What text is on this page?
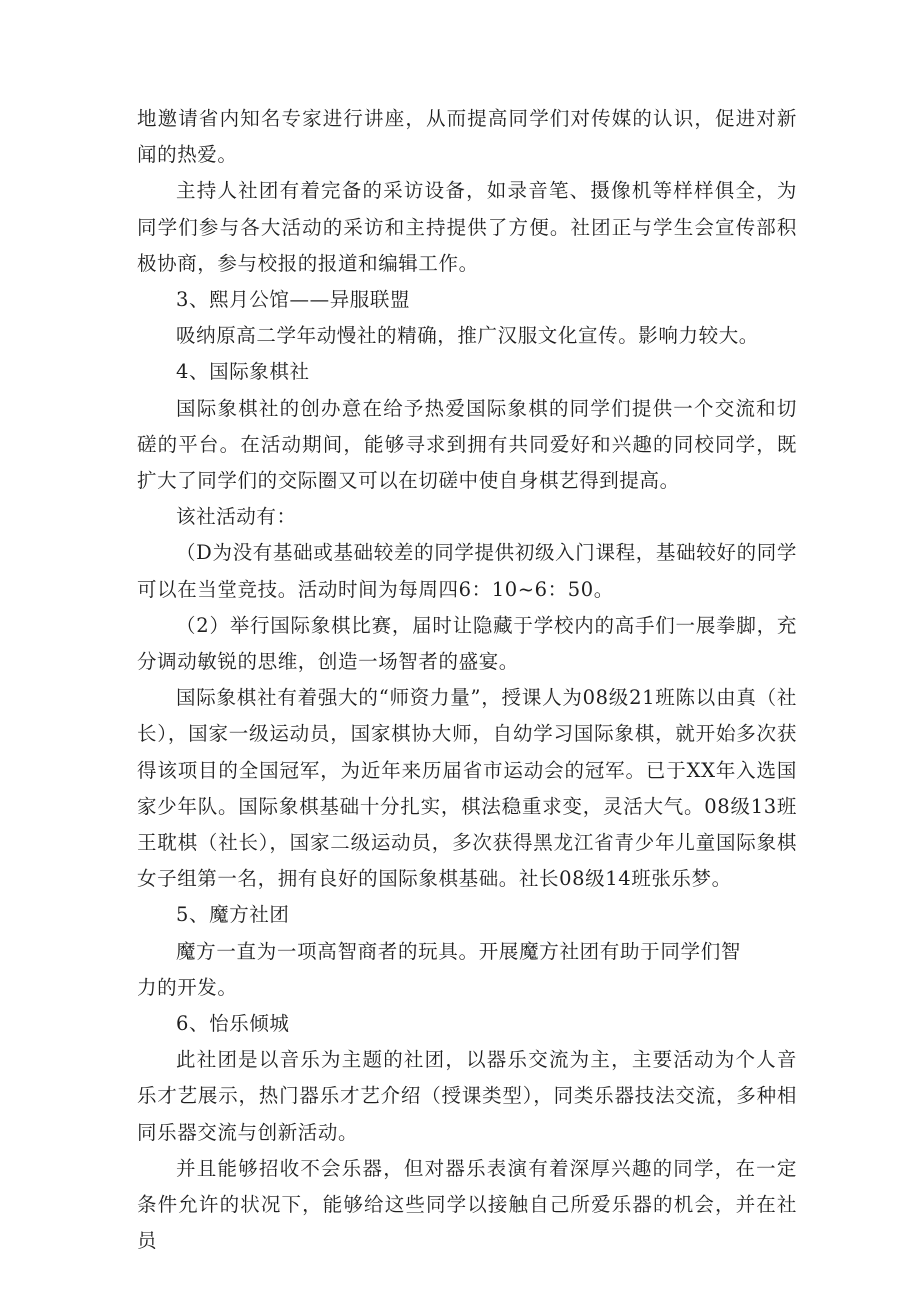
地邀请省内知名专家进行讲座，从而提高同学们对传媒的认识，促进对新闻的热爱。

主持人社团有着完备的采访设备，如录音笔、摄像机等样样俱全，为同学们参与各大活动的采访和主持提供了方便。社团正与学生会宣传部积极协商，参与校报的报道和编辑工作。

3、熙月公馆——异服联盟

吸纳原高二学年动慢社的精确，推广汉服文化宣传。影响力较大。

4、国际象棋社

国际象棋社的创办意在给予热爱国际象棋的同学们提供一个交流和切磋的平台。在活动期间，能够寻求到拥有共同爱好和兴趣的同校同学，既扩大了同学们的交际圈又可以在切磋中使自身棋艺得到提高。

该社活动有：

（D为没有基础或基础较差的同学提供初级入门课程，基础较好的同学可以在当堂竞技。活动时间为每周四6：10~6：50。

（2）举行国际象棋比赛，届时让隐藏于学校内的高手们一展拳脚，充分调动敏锐的思维，创造一场智者的盛宴。

国际象棋社有着强大的“师资力量”，授课人为08级21班陈以由真（社长），国家一级运动员，国家棋协大师，自幼学习国际象棋，就开始多次获得该项目的全国冠军，为近年来历届省市运动会的冠军。已于XX年入选国家少年队。国际象棋基础十分扎实，棋法稳重求变，灵活大气。08级13班王耽棋（社长），国家二级运动员，多次获得黑龙江省青少年儿童国际象棋女子组第一名，拥有良好的国际象棋基础。社长08级14班张乐梦。

5、魔方社团

魔方一直为一项高智商者的玩具。开展魔方社团有助于同学们智力的开发。

6、怡乐倾城

此社团是以音乐为主题的社团，以器乐交流为主，主要活动为个人音乐才艺展示，热门器乐才艺介绍（授课类型），同类乐器技法交流，多种相同乐器交流与创新活动。

并且能够招收不会乐器，但对器乐表演有着深厚兴趣的同学，在一定条件允许的状况下，能够给这些同学以接触自己所爱乐器的机会，并在社员
